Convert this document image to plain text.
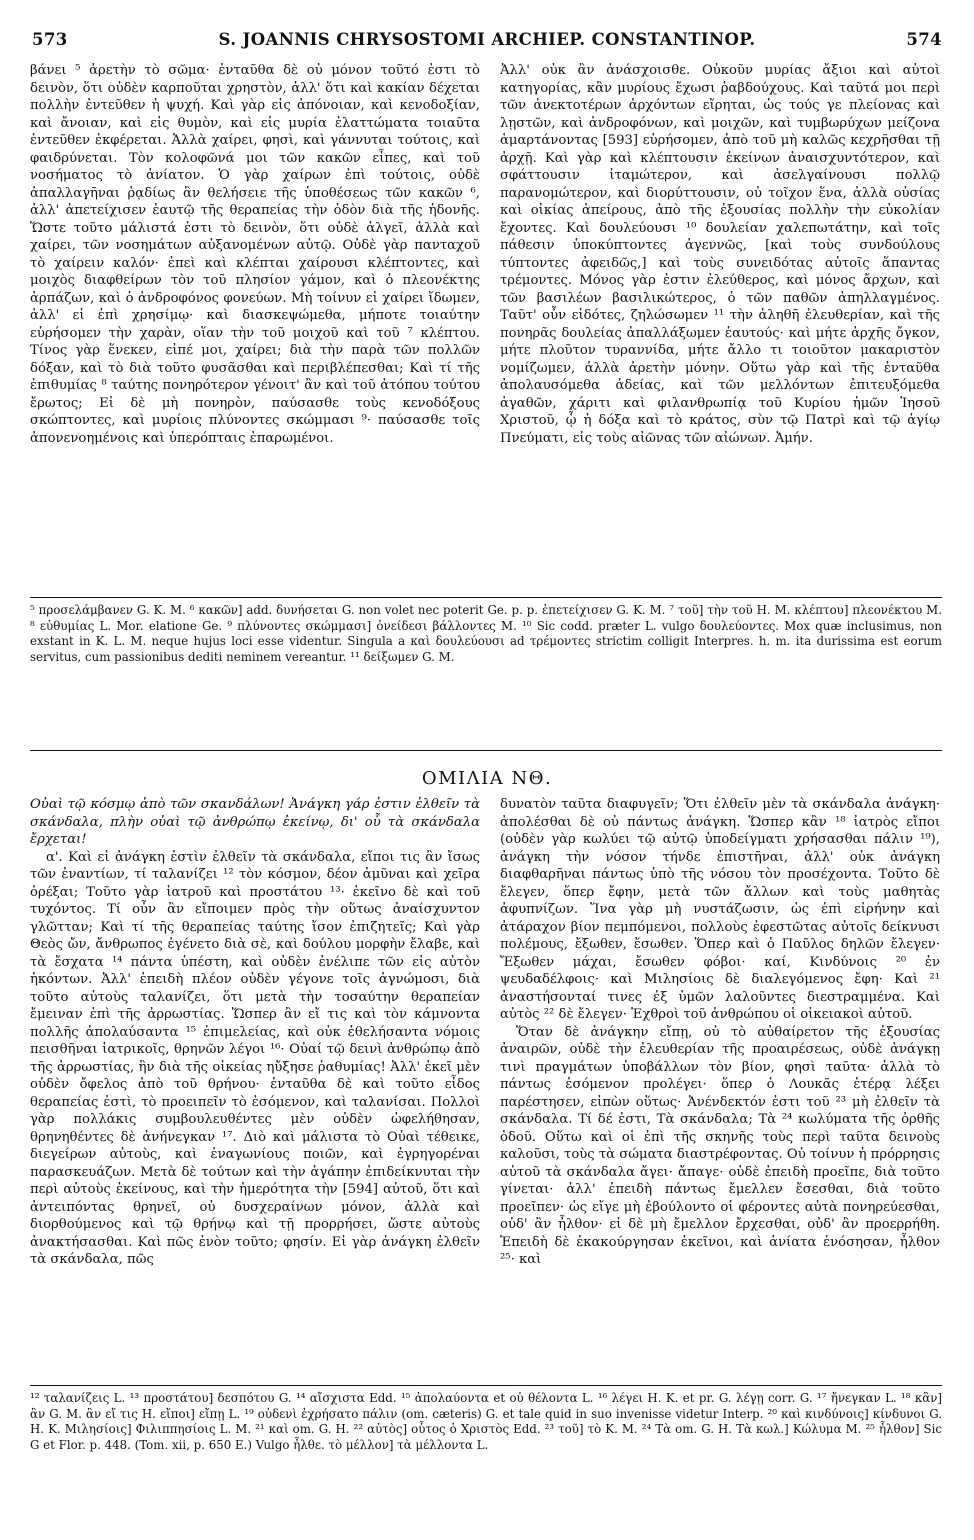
573	S. JOANNIS CHRYSOSTOMI ARCHIEP. CONSTANTINOP.	574

βάνει ⁵ ἀρετὴν τὸ σῶμα· ἐνταῦθα δὲ οὐ μόνον τοῦτό ἐστι τὸ δεινὸν, ὅτι οὐδὲν καρποῦται χρηστὸν, ἀλλ' ὅτι καὶ κακίαν δέχεται πολλὴν ἐντεῦθεν ἡ ψυχή. Καὶ γὰρ εἰς ἀπόνοιαν, καὶ κενοδοξίαν, καὶ ἄνοιαν, καὶ εἰς θυμὸν, καὶ εἰς μυρία ἐλαττώματα τοιαῦτα ἐντεῦθεν ἐκφέρεται. Ἀλλὰ χαίρει, φησὶ, καὶ γάννυται τούτοις, καὶ φαιδρύνεται. Τὸν κολοφῶνά μοι τῶν κακῶν εἶπες, καὶ τοῦ νοσήματος τὸ ἀνίατον. Ὁ γὰρ χαίρων ἐπὶ τούτοις, οὐδὲ ἀπαλλαγῆναι ῥᾳδίως ἂν θελήσειε τῆς ὑποθέσεως τῶν κακῶν ⁶, ἀλλ' ἀπετείχισεν ἑαυτῷ τῆς θεραπείας τὴν ὁδὸν διὰ τῆς ἡδονῆς. Ὥστε τοῦτο μάλιστά ἐστι τὸ δεινὸν, ὅτι οὐδὲ ἀλγεῖ, ἀλλὰ καὶ χαίρει, τῶν νοσημάτων αὐξανομένων αὐτῷ. Οὐδὲ γὰρ πανταχοῦ τὸ χαίρειν καλόν· ἐπεὶ καὶ κλέπται χαίρουσι κλέπτοντες, καὶ μοιχὸς διαφθείρων τὸν τοῦ πλησίον γάμον, καὶ ὁ πλεονέκτης ἁρπάζων, καὶ ὁ ἀνδροφόνος φονεύων. Μὴ τοίνυν εἰ χαίρει ἴδωμεν, ἀλλ' εἰ ἐπὶ χρησίμῳ· καὶ διασκεψώμεθα, μήποτε τοιαύτην εὑρήσομεν τὴν χαρὰν, οἵαν τὴν τοῦ μοιχοῦ καὶ τοῦ ⁷ κλέπτου. Τίνος γὰρ ἕνεκεν, εἰπέ μοι, χαίρει; διὰ τὴν παρὰ τῶν πολλῶν δόξαν, καὶ τὸ διὰ τοῦτο φυσᾶσθαι καὶ περιβλέπεσθαι; Καὶ τί τῆς ἐπιθυμίας ⁸ ταύτης πονηρότερον γένοιτ' ἂν καὶ τοῦ ἀτόπου τούτου ἔρωτος; Εἰ δὲ μὴ πονηρὸν, παύσασθε τοὺς κενοδόξους σκώπτοντες, καὶ μυρίοις πλύνοντες σκώμμασι ⁹· παύσασθε τοῖς ἀπονενοημένοις καὶ ὑπερόπταις ἐπαρωμένοι.

Ἀλλ' οὐκ ἂν ἀνάσχοισθε. Οὐκοῦν μυρίας ἄξιοι καὶ αὐτοὶ κατηγορίας, κἂν μυρίους ἔχωσι ῥαβδούχους. Καὶ ταῦτά μοι περὶ τῶν ἀνεκτοτέρων ἀρχόντων εἴρηται, ὡς τούς γε πλείονας καὶ λῃστῶν, καὶ ἀνδροφόνων, καὶ μοιχῶν, καὶ τυμβωρύχων μείζονα ἁμαρτάνοντας [593] εὑρήσομεν, ἀπὸ τοῦ μὴ καλῶς κεχρῆσθαι τῇ ἀρχῇ. Καὶ γὰρ καὶ κλέπτουσιν ἐκείνων ἀναισχυντότερον, καὶ σφάττουσιν ἰταμώτερον, καὶ ἀσελγαίνουσι πολλῷ παρανομώτερον, καὶ διορύττουσιν, οὐ τοῖχον ἕνα, ἀλλὰ οὐσίας καὶ οἰκίας ἀπείρους, ἀπὸ τῆς ἐξουσίας πολλὴν τὴν εὐκολίαν ἔχοντες. Καὶ δουλεύουσι ¹⁰ δουλείαν χαλεπωτάτην, καὶ τοῖς πάθεσιν ὑποκύπτοντες ἀγεννῶς, [καὶ τοὺς συνδούλους τύπτοντες ἀφειδῶς,] καὶ τοὺς συνειδότας αὐτοῖς ἅπαντας τρέμοντες. Μόνος γὰρ ἐστιν ἐλεύθερος, καὶ μόνος ἄρχων, καὶ τῶν βασιλέων βασιλικώτερος, ὁ τῶν παθῶν ἀπηλλαγμένος. Ταῦτ' οὖν εἰδότες, ζηλώσωμεν ¹¹ τὴν ἀληθῆ ἐλευθερίαν, καὶ τῆς πονηρᾶς δουλείας ἀπαλλάξωμεν ἑαυτούς· καὶ μήτε ἀρχῆς ὄγκον, μήτε πλοῦτον τυραννίδα, μήτε ἄλλο τι τοιοῦτον μακαριστὸν νομίζωμεν, ἀλλὰ ἀρετὴν μόνην. Οὕτω γὰρ καὶ τῆς ἐνταῦθα ἀπολαυσόμεθα ἀδείας, καὶ τῶν μελλόντων ἐπιτευξόμεθα ἀγαθῶν, χάριτι καὶ φιλανθρωπίᾳ τοῦ Κυρίου ἡμῶν Ἰησοῦ Χριστοῦ, ᾧ ἡ δόξα καὶ τὸ κράτος, σὺν τῷ Πατρὶ καὶ τῷ ἁγίῳ Πνεύματι, εἰς τοὺς αἰῶνας τῶν αἰώνων. Ἀμήν.

⁵ προσελάμβανεν G. K. M. ⁶ κακῶν] add. δυνήσεται G. non volet nec poterit Ge. p. p. ἐπετείχισεν G. K. M. ⁷ τοῦ] τὴν τοῦ H. M. κλέπτου] πλεονέκτου M. ⁸ εὐθυμίας L. Mor. elatione Ge. ⁹ πλύνοντες σκώμμασι] ὀνείδεσι βάλλοντες M. ¹⁰ Sic codd. præter L. vulgo δουλεύοντες. Mox quæ inclusimus, non exstant in K. L. M. neque hujus loci esse videntur. Singula a καὶ δουλεύουσι ad τρέμοντες strictim colligit Interpres. h. m. ita durissima est eorum servitus, cum passionibus dediti neminem vereantur. ¹¹ δείξωμεν G. M.
ΟΜΙΛΙΑ ΝΘ.

Οὐαὶ τῷ κόσμῳ ἀπὸ τῶν σκανδάλων! Ἀνάγκη γάρ ἐστιν ἐλθεῖν τὰ σκάνδαλα, πλὴν οὐαὶ τῷ ἀνθρώπῳ ἐκείνῳ, δι' οὗ τὰ σκάνδαλα ἔρχεται!

α'. Καὶ εἰ ἀνάγκη ἐστὶν ἐλθεῖν τὰ σκάνδαλα, εἴποι τις ἂν ἴσως τῶν ἐναντίων, τί ταλανίζει ¹² τὸν κόσμον, δέον ἀμῦναι καὶ χεῖρα ὀρέξαι; Τοῦτο γὰρ ἰατροῦ καὶ προστάτου ¹³· ἐκεῖνο δὲ καὶ τοῦ τυχόντος. Τί οὖν ἂν εἴποιμεν πρὸς τὴν οὕτως ἀναίσχυντον γλῶτταν; Καὶ τί τῆς θεραπείας ταύτης ἴσον ἐπιζητεῖς; Καὶ γὰρ Θεὸς ὤν, ἄνθρωπος ἐγένετο διὰ σὲ, καὶ δούλου μορφὴν ἔλαβε, καὶ τὰ ἔσχατα ¹⁴ πάντα ὑπέστη, καὶ οὐδὲν ἐνέλιπε τῶν εἰς αὐτὸν ἡκόντων. Ἀλλ' ἐπειδὴ πλέον οὐδὲν γέγονε τοῖς ἀγνώμοσι, διὰ τοῦτο αὐτοὺς ταλανίζει, ὅτι μετὰ τὴν τοσαύτην θεραπείαν ἔμειναν ἐπὶ τῆς ἀρρωστίας. Ὥσπερ ἂν εἴ τις καὶ τὸν κάμνοντα πολλῆς ἀπολαύσαντα ¹⁵ ἐπιμελείας, καὶ οὐκ ἐθελήσαντα νόμοις πεισθῆναι ἰατρικοῖς, θρηνῶν λέγοι ¹⁶· Οὐαί τῷ δεινὶ ἀνθρώπῳ ἀπὸ τῆς ἀρρωστίας, ἣν διὰ τῆς οἰκείας ηὔξησε ῥαθυμίας! Ἀλλ' ἐκεῖ μὲν οὐδὲν ὄφελος ἀπὸ τοῦ θρήνου· ἐνταῦθα δὲ καὶ τοῦτο εἶδος θεραπείας ἐστὶ, τὸ προειπεῖν τὸ ἐσόμενον, καὶ ταλανίσαι. Πολλοὶ γὰρ πολλάκις συμβουλευθέντες μὲν οὐδὲν ὠφελήθησαν, θρηνηθέντες δὲ ἀνήνεγκαν ¹⁷. Διὸ καὶ μάλιστα τὸ Οὐαὶ τέθεικε, διεγείρων αὐτοὺς, καὶ ἐναγωνίους ποιῶν, καὶ ἐγρηγορέναι παρασκευάζων. Μετὰ δὲ τούτων καὶ τὴν ἀγάπην ἐπιδείκνυται τὴν περὶ αὐτοὺς ἐκείνους, καὶ τὴν ἡμερότητα τὴν [594] αὐτοῦ, ὅτι καὶ ἀντειπόντας θρηνεῖ, οὐ δυσχεραίνων μόνον, ἀλλὰ καὶ διορθούμενος καὶ τῷ θρήνῳ καὶ τῇ προρρήσει, ὥστε αὐτοὺς ἀνακτήσασθαι. Καὶ πῶς ἐνὸν τοῦτο; φησίν. Εἰ γὰρ ἀνάγκη ἐλθεῖν τὰ σκάνδαλα, πῶς

δυνατὸν ταῦτα διαφυγεῖν; Ὅτι ἐλθεῖν μὲν τὰ σκάνδαλα ἀνάγκη· ἀπολέσθαι δὲ οὐ πάντως ἀνάγκη. Ὥσπερ κἂν ¹⁸ ἰατρὸς εἴποι (οὐδὲν γὰρ κωλύει τῷ αὐτῷ ὑποδείγματι χρήσασθαι πάλιν ¹⁹), ἀνάγκη τὴν νόσον τήνδε ἐπιστῆναι, ἀλλ' οὐκ ἀνάγκη διαφθαρῆναι πάντως ὑπὸ τῆς νόσου τὸν προσέχοντα. Τοῦτο δὲ ἔλεγεν, ὅπερ ἔφην, μετὰ τῶν ἄλλων καὶ τοὺς μαθητὰς ἀφυπνίζων. Ἵνα γὰρ μὴ νυστάζωσιν, ὡς ἐπὶ εἰρήνην καὶ ἀτάραχον βίον πεμπόμενοι, πολλοὺς ἐφεστῶτας αὐτοῖς δείκνυσι πολέμους, ἔξωθεν, ἔσωθεν. Ὅπερ καὶ ὁ Παῦλος δηλῶν ἔλεγεν· Ἔξωθεν μάχαι, ἔσωθεν φόβοι· καί, Κινδύνοις ²⁰ ἐν ψευδαδέλφοις· καὶ Μιλησίοις δὲ διαλεγόμενος ἔφη· Καὶ ²¹ ἀναστήσονταί τινες ἐξ ὑμῶν λαλοῦντες διεστραμμένα. Καὶ αὐτὸς ²² δὲ ἔλεγεν· Ἐχθροὶ τοῦ ἀνθρώπου οἱ οἰκειακοὶ αὐτοῦ.

Ὅταν δὲ ἀνάγκην εἴπῃ, οὐ τὸ αὐθαίρετον τῆς ἐξουσίας ἀναιρῶν, οὐδὲ τὴν ἐλευθερίαν τῆς προαιρέσεως, οὐδὲ ἀνάγκῃ τινὶ πραγμάτων ὑποβάλλων τὸν βίον, φησὶ ταῦτα· ἀλλὰ τὸ πάντως ἐσόμενον προλέγει· ὅπερ ὁ Λουκᾶς ἑτέρᾳ λέξει παρέστησεν, εἰπὼν οὕτως· Ἀνένδεκτόν ἐστι τοῦ ²³ μὴ ἐλθεῖν τὰ σκάνδαλα. Τί δέ ἐστι, Τὰ σκάνδαλα; Τὰ ²⁴ κωλύματα τῆς ὀρθῆς ὁδοῦ. Οὕτω καὶ οἱ ἐπὶ τῆς σκηνῆς τοὺς περὶ ταῦτα δεινοὺς καλοῦσι, τοὺς τὰ σώματα διαστρέφοντας. Οὐ τοίνυν ἡ πρόρρησις αὐτοῦ τὰ σκάνδαλα ἄγει· ἄπαγε· οὐδὲ ἐπειδὴ προεῖπε, διὰ τοῦτο γίνεται· ἀλλ' ἐπειδὴ πάντως ἔμελλεν ἔσεσθαι, διὰ τοῦτο προεῖπεν· ὡς εἴγε μὴ ἐβούλοντο οἱ φέροντες αὐτὰ πονηρεύεσθαι, οὐδ' ἂν ἦλθον· εἰ δὲ μὴ ἔμελλον ἔρχεσθαι, οὐδ' ἂν προερρήθη. Ἐπειδὴ δὲ ἐκακούργησαν ἐκεῖνοι, καὶ ἀνίατα ἐνόσησαν, ἦλθον ²⁵· καὶ

¹² ταλανίζεις L. ¹³ προστάτου] δεσπότου G. ¹⁴ αἴσχιστα Edd. ¹⁵ ἀπολαύοντα et οὐ θέλοντα L. ¹⁶ λέγει H. K. et pr. G. λέγῃ corr. G. ¹⁷ ἤνεγκαν L. ¹⁸ κἂν] ἂν G. M. ἂν εἴ τις H. εἴποι] εἴπῃ L. ¹⁹ οὐδενὶ ἐχρήσατο πάλιν (om. cæteris) G. et tale quid in suo invenisse videtur Interp. ²⁰ καὶ κινδύνοις] κίνδυνοι G. H. K. Μιλησίοις] Φιλιππησίοις L. M. ²¹ καὶ om. G. H. ²² αὐτὸς] οὗτος ὁ Χριστὸς Edd. ²³ τοῦ] τὸ K. M. ²⁴ Τὰ om. G. H. Τὰ κωλ.] Κώλυμα M. ²⁵ ἦλθον] Sic G et Flor. p. 448. (Tom. xii, p. 650 E.) Vulgo ἦλθε. τὸ μέλλον] τὰ μέλλοντα L.
